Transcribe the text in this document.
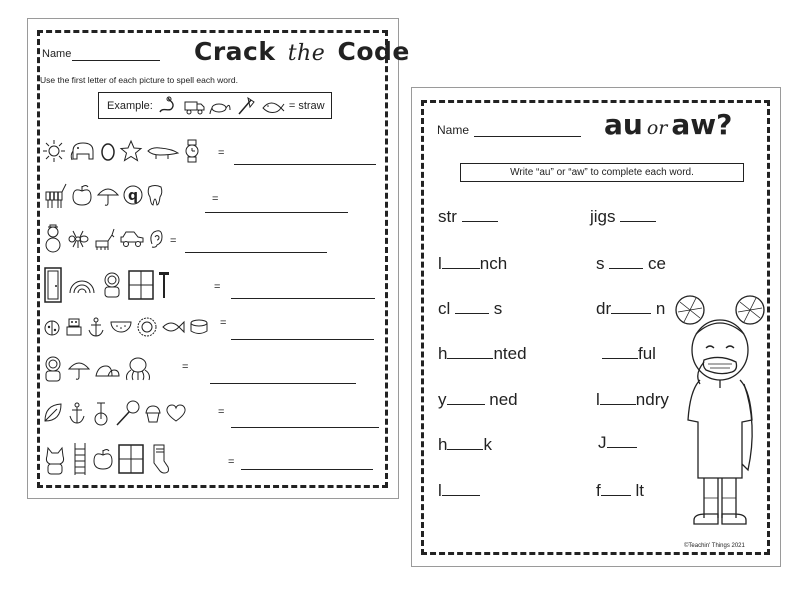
Name	Crack the Code
Use the first letter of each picture to spell each word.
Example:	= straw
=
q	=
=
=
=
=
=
=
Name	au or aw?
Write “au” or “aw” to complete each word.
str
l nch
cl	s
h	nted
y	ned
h k
l
jigs
s	ce
dr	n
ful
l ndry
J
f lt
©Teachin' Things 2021
